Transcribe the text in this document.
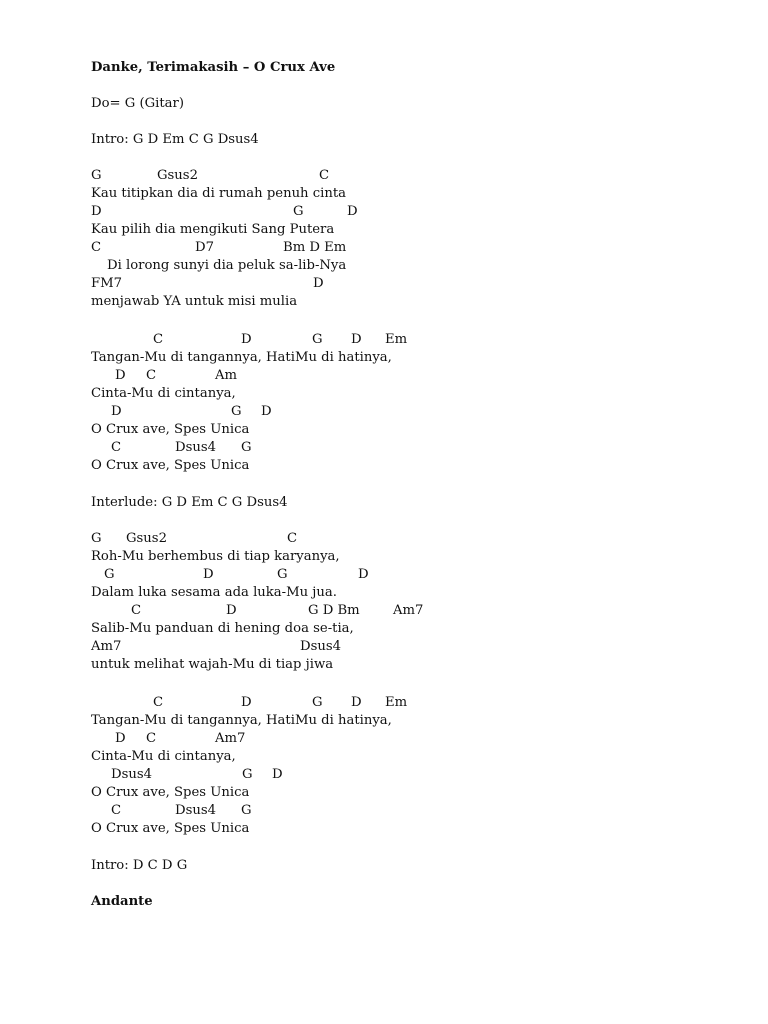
Danke, Terimakasih – O Crux Ave
Do= G (Gitar)
Intro: G D Em C G Dsus4
G	Gsus2	C
Kau titipkan dia di rumah penuh cinta
D	G	D
Kau pilih dia mengikuti Sang Putera
C	D7	Bm D Em
Di lorong sunyi dia peluk sa-lib-Nya
FM7	D
menjawab YA untuk misi mulia
C	D	G D Em
Tangan-Mu di tangannya, HatiMu di hatinya,
D C	Am
Cinta-Mu di cintanya,
D	G D
O Crux ave, Spes Unica
C	Dsus4 G
O Crux ave, Spes Unica
Interlude: G D Em C G Dsus4
G Gsus2	C
Roh-Mu berhembus di tiap karyanya,
G	D	G	D
Dalam luka sesama ada luka-Mu jua.
C	D	G D Bm	Am7
Salib-Mu panduan di hening doa se-tia,
Am7	Dsus4
untuk melihat wajah-Mu di tiap jiwa
C	D	G D Em
Tangan-Mu di tangannya, HatiMu di hatinya,
D C	Am7
Cinta-Mu di cintanya,
Dsus4	G D
O Crux ave, Spes Unica
C	Dsus4 G
O Crux ave, Spes Unica
Intro: D C D G
Andante
